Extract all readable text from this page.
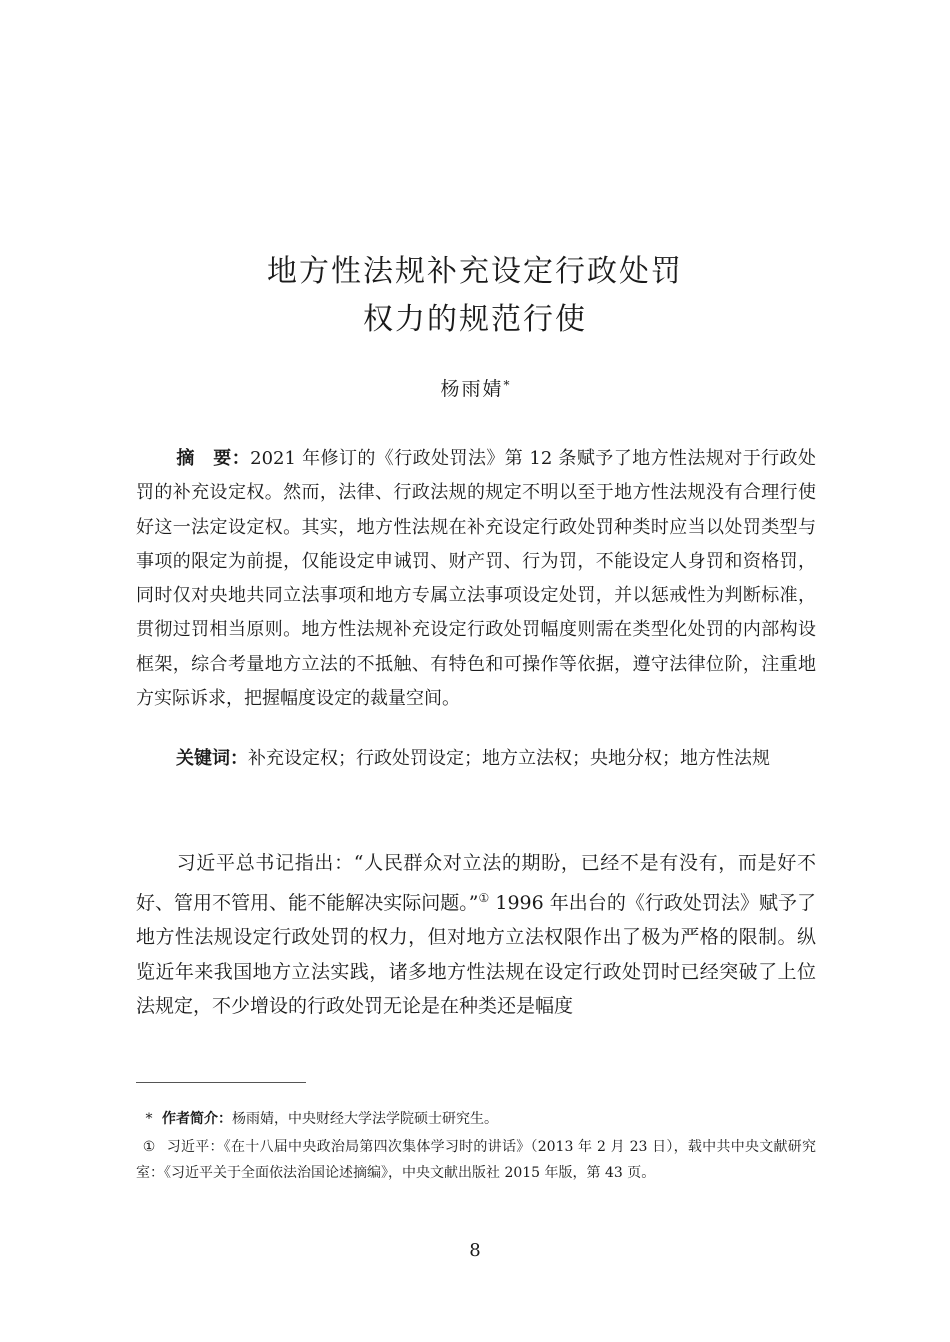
地方性法规补充设定行政处罚
权力的规范行使
杨雨婧*

摘　要：2021 年修订的《行政处罚法》第 12 条赋予了地方性法规对于行政处罚的补充设定权。然而，法律、行政法规的规定不明以至于地方性法规没有合理行使好这一法定设定权。其实，地方性法规在补充设定行政处罚种类时应当以处罚类型与事项的限定为前提，仅能设定申诫罚、财产罚、行为罚，不能设定人身罚和资格罚，同时仅对央地共同立法事项和地方专属立法事项设定处罚，并以惩戒性为判断标准，贯彻过罚相当原则。地方性法规补充设定行政处罚幅度则需在类型化处罚的内部构设框架，综合考量地方立法的不抵触、有特色和可操作等依据，遵守法律位阶，注重地方实际诉求，把握幅度设定的裁量空间。

关键词：补充设定权；行政处罚设定；地方立法权；央地分权；地方性法规

习近平总书记指出：“人民群众对立法的期盼，已经不是有没有，而是好不好、管用不管用、能不能解决实际问题。”① 1996 年出台的《行政处罚法》赋予了地方性法规设定行政处罚的权力，但对地方立法权限作出了极为严格的限制。纵览近年来我国地方立法实践，诸多地方性法规在设定行政处罚时已经突破了上位法规定，不少增设的行政处罚无论是在种类还是幅度

* 作者简介：杨雨婧，中央财经大学法学院硕士研究生。

① 习近平：《在十八届中央政治局第四次集体学习时的讲话》（2013 年 2 月 23 日），载中共中央文献研究室：《习近平关于全面依法治国论述摘编》，中央文献出版社 2015 年版，第 43 页。

8
